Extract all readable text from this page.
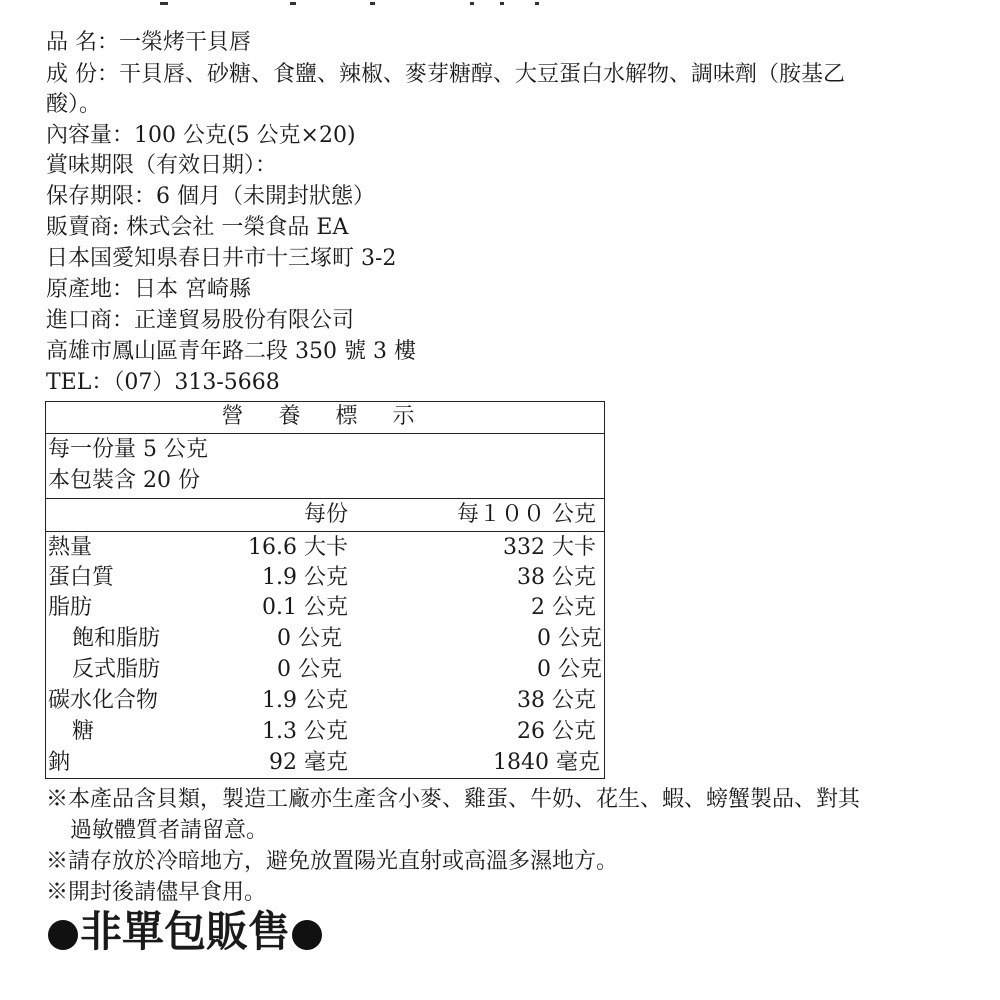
品 名：一榮烤干貝唇
成 份：干貝唇、砂糖、食鹽、辣椒、麥芽糖醇、大豆蛋白水解物、調味劑（胺基乙
酸）。
內容量：100 公克(5 公克×20)
賞味期限（有效日期）：
保存期限：6 個月（未開封狀態）
販賣商: 株式会社 一榮食品 EA
日本国愛知県春日井市十三塚町 3-2
原產地：日本 宮崎縣
進口商：正達貿易股份有限公司
高雄市鳳山區青年路二段 350 號 3 樓
TEL：（07）313-5668
營 養 標 示
每一份量 5 公克
本包裝含 20 份
每份	每１００ 公克
熱量	16.6 大卡	332 大卡
蛋白質	1.9 公克	38 公克
脂肪	0.1 公克	2 公克
飽和脂肪	0 公克	0 公克
反式脂肪	0 公克	0 公克
碳水化合物	1.9 公克	38 公克
糖	1.3 公克	26 公克
鈉	92 毫克	1840 毫克
※本產品含貝類，製造工廠亦生產含小麥、雞蛋、牛奶、花生、蝦、螃蟹製品、對其
過敏體質者請留意。
※請存放於冷暗地方，避免放置陽光直射或高溫多濕地方。
※開封後請儘早食用。
非單包販售
